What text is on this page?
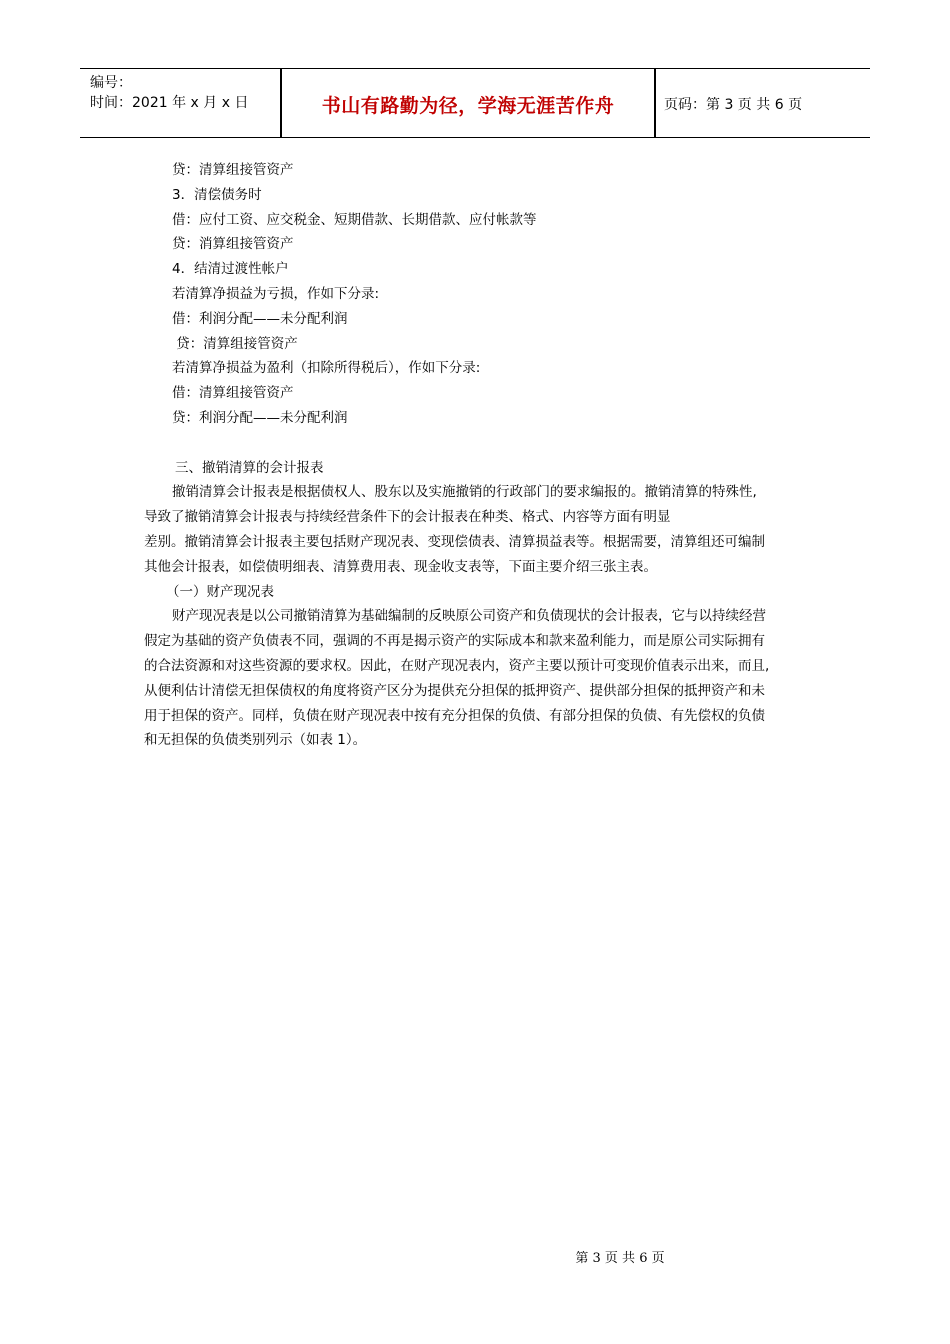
编号：
时间：2021 年 x 月 x 日	书山有路勤为径，学海无涯苦作舟	页码：第 3 页 共 6 页
贷：清算组接管资产
3．清偿债务时
借：应付工资、应交税金、短期借款、长期借款、应付帐款等
贷：消算组接管资产
4．结清过渡性帐户
若清算净损益为亏损，作如下分录:
借：利润分配——未分配利润
贷：清算组接管资产
若清算净损益为盈利（扣除所得税后），作如下分录:
借：清算组接管资产
贷：利润分配——未分配利润
三、撤销清算的会计报表
撤销清算会计报表是根据债权人、股东以及实施撤销的行政部门的要求编报的。撤销清算的特殊性,
导致了撤销清算会计报表与持续经营条件下的会计报表在种类、格式、内容等方面有明显
差别。撤销清算会计报表主要包括财产现况表、变现偿债表、清算损益表等。根据需要，清算组还可编制
其他会计报表，如偿债明细表、清算费用表、现金收支表等，下面主要介绍三张主表。
（一）财产现况表
财产现况表是以公司撤销清算为基础编制的反映原公司资产和负债现状的会计报表，它与以持续经营
假定为基础的资产负债表不同，强调的不再是揭示资产的实际成本和款来盈利能力，而是原公司实际拥有
的合法资源和对这些资源的要求权。因此，在财产现况表内，资产主要以预计可变现价值表示出来，而且,
从便利估计清偿无担保债权的角度将资产区分为提供充分担保的抵押资产、提供部分担保的抵押资产和未
用于担保的资产。同样，负债在财产现况表中按有充分担保的负债、有部分担保的负债、有先偿权的负债
和无担保的负债类别列示（如表 1）。
第 3 页 共 6 页
